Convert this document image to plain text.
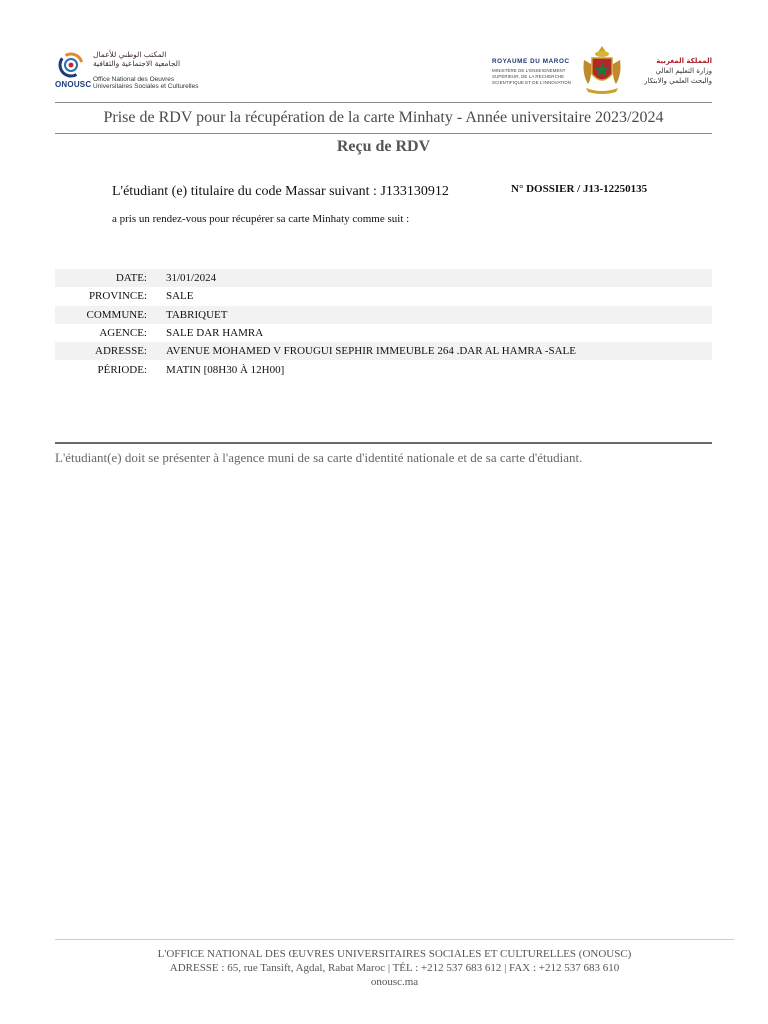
ONOUSC
المكتب الوطني للأعمال الجامعية الاجتماعية والثقافية
Office National des Oeuvres
Universitaires Sociales et Culturelles
ROYAUME DU MAROC
MINISTÈRE DE L'ENSEIGNEMENT
SUPÉRIEUR, DE LA RECHERCHE
SCIENTIFIQUE ET DE L'INNOVATION
المملكة المغربية
وزارة التعليم العالي
والبحث العلمي والابتكار
Prise de RDV pour la récupération de la carte Minhaty - Année universitaire 2023/2024
Reçu de RDV
L'étudiant (e) titulaire du code Massar suivant : J133130912	N° DOSSIER / J13-12250135
a pris un rendez-vous pour récupérer sa carte Minhaty comme suit :
DATE: 31/01/2024
PROVINCE: SALE
COMMUNE: TABRIQUET
AGENCE: SALE DAR HAMRA
ADRESSE: AVENUE MOHAMED V FROUGUI SEPHIR IMMEUBLE 264 .DAR AL HAMRA -SALE
PÉRIODE: MATIN [08H30 À 12H00]
L'étudiant(e) doit se présenter à l'agence muni de sa carte d'identité nationale et de sa carte d'étudiant.
L'OFFICE NATIONAL DES ŒUVRES UNIVERSITAIRES SOCIALES ET CULTURELLES (ONOUSC)
ADRESSE : 65, rue Tansift, Agdal, Rabat Maroc | TÉL : +212 537 683 612 | FAX : +212 537 683 610
onousc.ma
